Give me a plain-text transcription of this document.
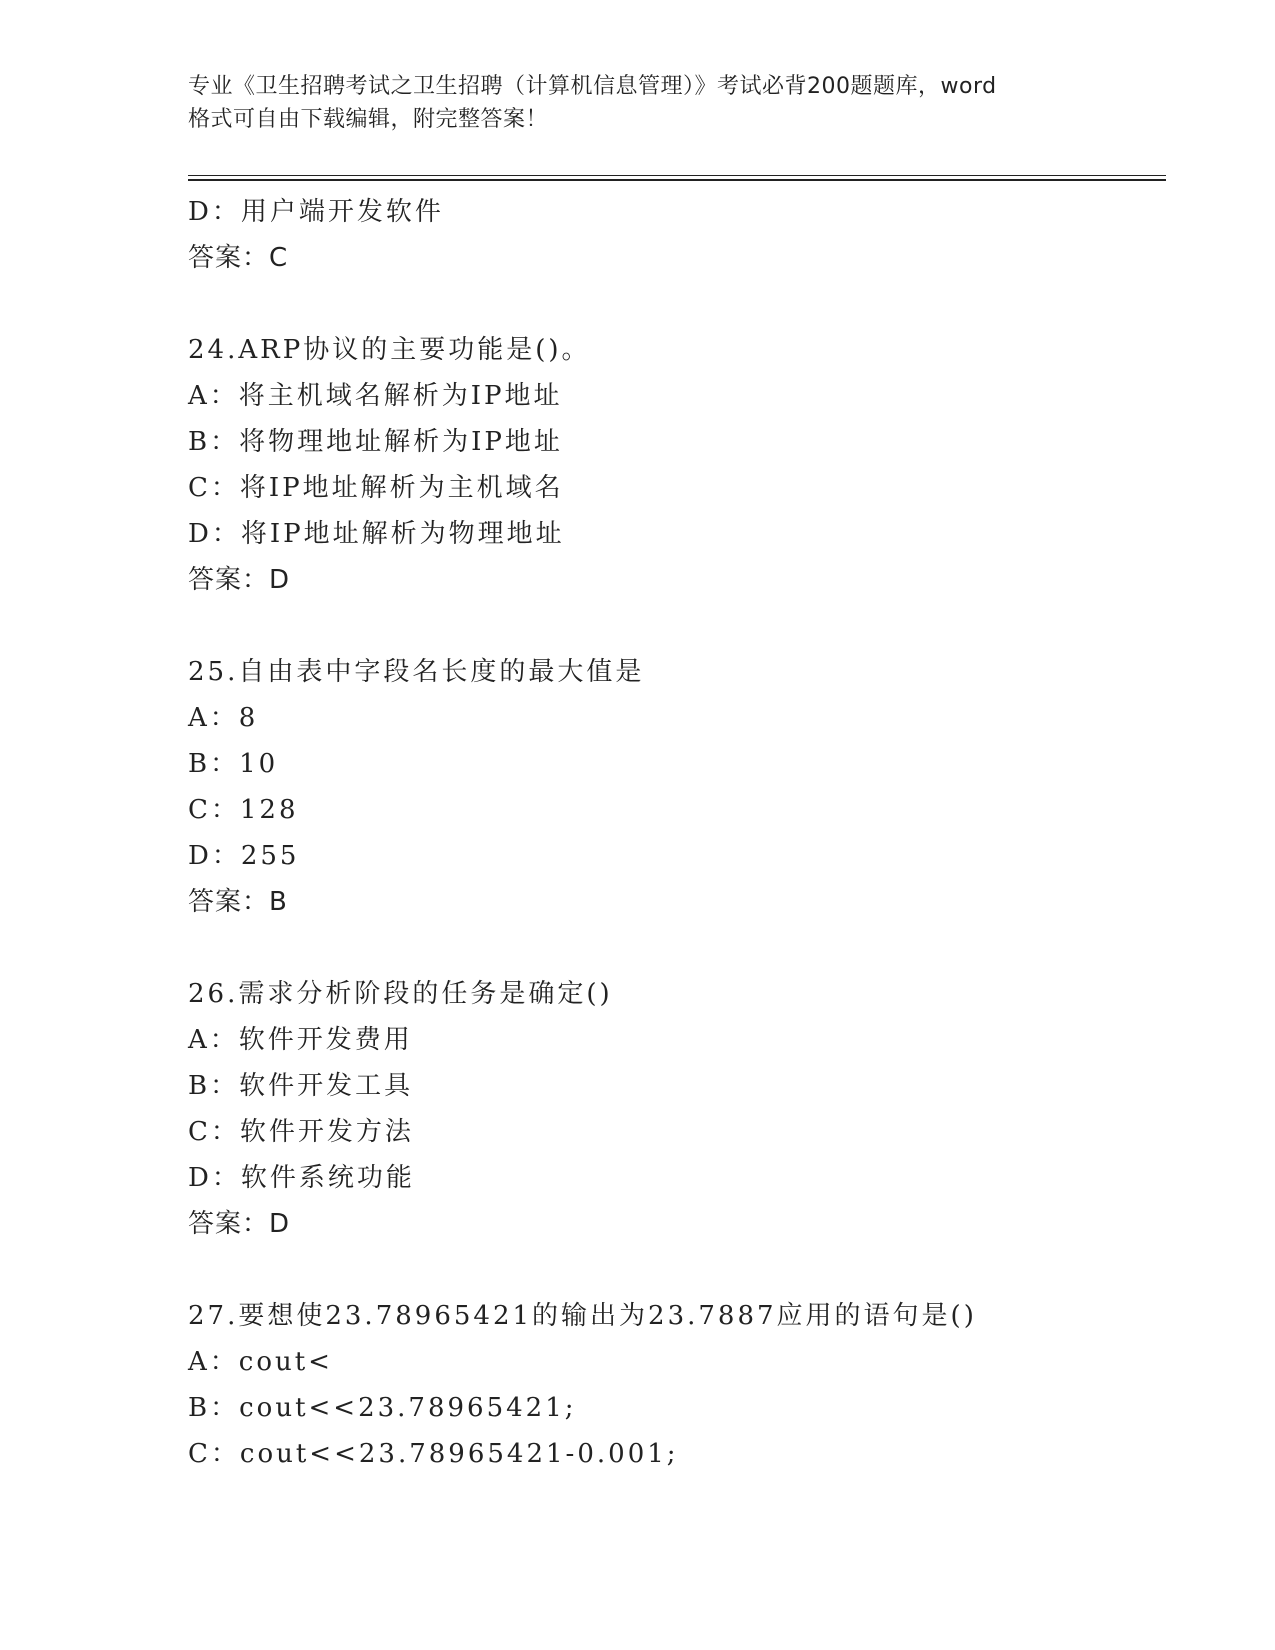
专业《卫生招聘考试之卫生招聘（计算机信息管理）》考试必背200题题库，word
格式可自由下载编辑，附完整答案！
D：用户端开发软件
答案：C
24.ARP协议的主要功能是()。
A：将主机域名解析为IP地址
B：将物理地址解析为IP地址
C：将IP地址解析为主机域名
D：将IP地址解析为物理地址
答案：D
25.自由表中字段名长度的最大值是
A：8
B：10
C：128
D：255
答案：B
26.需求分析阶段的任务是确定()
A：软件开发费用
B：软件开发工具
C：软件开发方法
D：软件系统功能
答案：D
27.要想使23.78965421的输出为23.7887应用的语句是()
A：cout<
B：cout<<23.78965421;
C：cout<<23.78965421-0.001;
